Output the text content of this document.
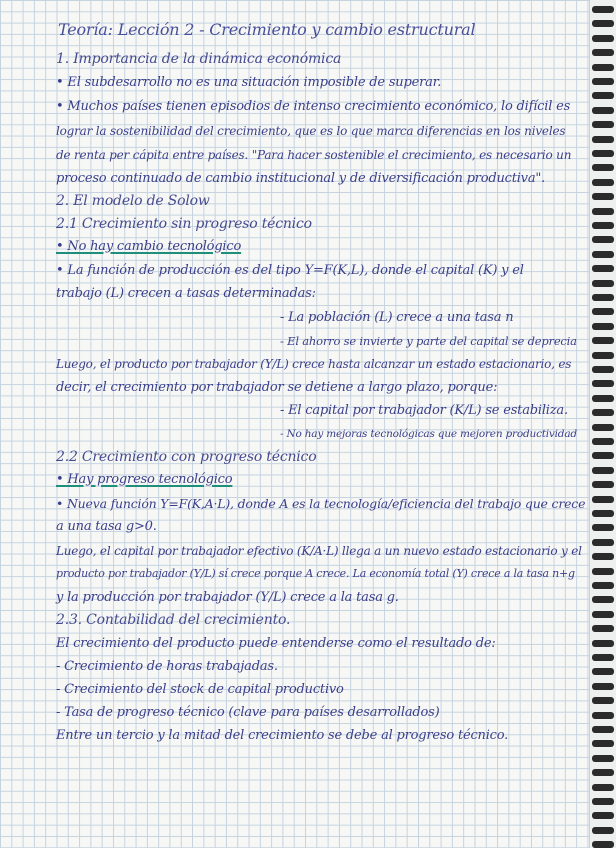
Teoría: Lección 2 - Crecimiento y cambio estructural
1. Importancia de la dinámica económica
• El subdesarrollo no es una situación imposible de superar.
• Muchos países tienen episodios de intenso crecimiento económico, lo difícil es
lograr la sostenibilidad del crecimiento, que es lo que marca diferencias en los niveles
de renta per cápita entre países. "Para hacer sostenible el crecimiento, es necesario un
proceso continuado de cambio institucional y de diversificación productiva".
2. El modelo de Solow
2.1 Crecimiento sin progreso técnico
• No hay cambio tecnológico
• La función de producción es del tipo Y=F(K,L), donde el capital (K) y el
trabajo (L) crecen a tasas determinadas:
- La población (L) crece a una tasa n
- El ahorro se invierte y parte del capital se deprecia
Luego, el producto por trabajador (Y/L) crece hasta alcanzar un estado estacionario, es
decir, el crecimiento por trabajador se detiene a largo plazo, porque:
- El capital por trabajador (K/L) se estabiliza.
- No hay mejoras tecnológicas que mejoren productividad
2.2 Crecimiento con progreso técnico
• Hay progreso tecnológico
• Nueva función Y=F(K,A·L), donde A es la tecnología/eficiencia del trabajo que crece
a una tasa g>0.
Luego, el capital por trabajador efectivo (K/A·L) llega a un nuevo estado estacionario y el
producto por trabajador (Y/L) sí crece porque A crece. La economía total (Y) crece a la tasa n+g
y la producción por trabajador (Y/L) crece a la tasa g.
2.3. Contabilidad del crecimiento.
El crecimiento del producto puede entenderse como el resultado de:
- Crecimiento de horas trabajadas.
- Crecimiento del stock de capital productivo
- Tasa de progreso técnico (clave para países desarrollados)
Entre un tercio y la mitad del crecimiento se debe al progreso técnico.
